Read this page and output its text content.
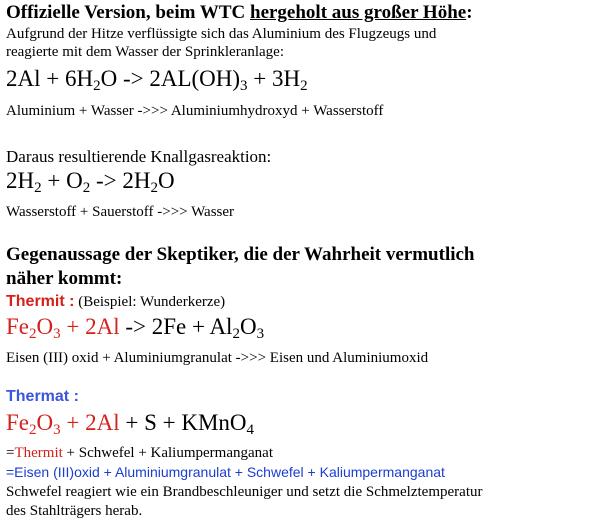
Offizielle Version, beim WTC hergeholt aus großer Höhe:
Aufgrund der Hitze verflüssigte sich das Aluminium des Flugzeugs und
reagierte mit dem Wasser der Sprinkleranlage:
$2Al + 6H_2O -> 2AL(OH)_3 + 3H_2$
Aluminium + Wasser ->>> Aluminiumhydroxyd + Wasserstoff
Daraus resultierende Knallgasreaktion:
$2H_2 + O_2 -> 2H_2O$
Wasserstoff + Sauerstoff ->>> Wasser
Gegenaussage der Skeptiker, die der Wahrheit vermutlich
näher kommt:
Thermit : (Beispiel: Wunderkerze)
$Fe_2O_3 + 2Al -> 2Fe + Al_2O_3$
Eisen (III) oxid + Aluminiumgranulat ->>> Eisen und Aluminiumoxid
Thermat :
$Fe_2O_3 + 2Al + S$ + KMnO$_4$
=Thermit + Schwefel + Kaliumpermanganat
=Eisen (III)oxid + Aluminiumgranulat + Schwefel + Kaliumpermanganat
Schwefel reagiert wie ein Brandbeschleuniger und setzt die Schmelztemperatur
des Stahlträgers herab.
